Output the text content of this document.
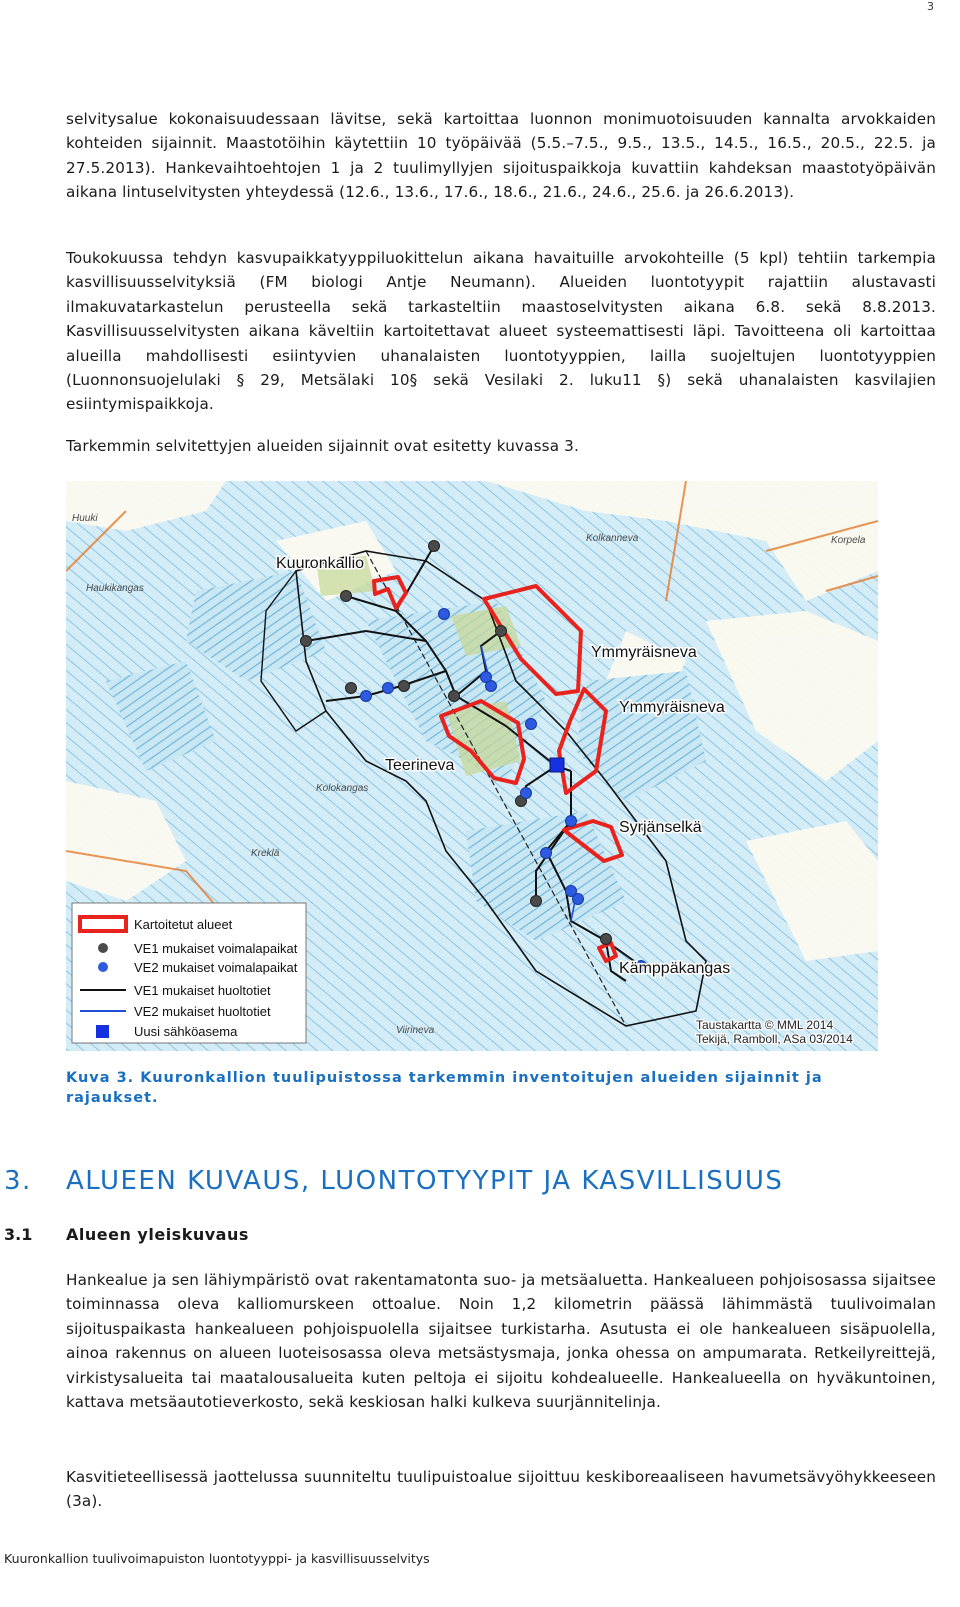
3

selvitysalue kokonaisuudessaan lävitse, sekä kartoittaa luonnon monimuotoisuuden kannalta arvokkaiden kohteiden sijainnit. Maastotöihin käytettiin 10 työpäivää (5.5.–7.5., 9.5., 13.5., 14.5., 16.5., 20.5., 22.5. ja 27.5.2013). Hankevaihtoehtojen 1 ja 2 tuulimyllyjen sijoituspaikkoja kuvattiin kahdeksan maastotyöpäivän aikana lintuselvitysten yhteydessä (12.6., 13.6., 17.6., 18.6., 21.6., 24.6., 25.6. ja 26.6.2013).

Toukokuussa tehdyn kasvupaikkatyyppiluokittelun aikana havaituille arvokohteille (5 kpl) tehtiin tarkempia kasvillisuusselvityksiä (FM biologi Antje Neumann). Alueiden luontotyypit rajattiin alustavasti ilmakuvatarkastelun perusteella sekä tarkasteltiin maastoselvitysten aikana 6.8. sekä 8.8.2013. Kasvillisuusselvitysten aikana käveltiin kartoitettavat alueet systeemattisesti läpi. Tavoitteena oli kartoittaa alueilla mahdollisesti esiintyvien uhanalaisten luontotyyppien, lailla suojeltujen luontotyyppien (Luonnonsuojelulaki § 29, Metsälaki 10§ sekä Vesilaki 2. luku11 §) sekä uhanalaisten kasvilajien esiintymispaikkoja.

Tarkemmin selvitettyjen alueiden sijainnit ovat esitetty kuvassa 3.

Kuuronkallio
Ymmyräisneva
Ymmyräisneva
Teerineva
Syrjänselkä
Kämppäkangas
Korpela
Kolkanneva
Huuki
Kreklä
Viirineva
Haukikangas
Kolokangas
Kartoitetut alueet
VE1 mukaiset voimalapaikat
VE2 mukaiset voimalapaikat
VE1 mukaiset huoltotiet
VE2 mukaiset huoltotiet
Uusi sähköasema	Taustakartta © MML 2014
Tekijä, Ramboll, ASa 03/2014

Kuva 3. Kuuronkallion tuulipuistossa tarkemmin inventoitujen alueiden sijainnit ja rajaukset.

3. ALUEEN KUVAUS, LUONTOTYYPIT JA KASVILLISUUS
3.1 Alueen yleiskuvaus

Hankealue ja sen lähiympäristö ovat rakentamatonta suo- ja metsäaluetta. Hankealueen pohjoisosassa sijaitsee toiminnassa oleva kalliomurskeen ottoalue. Noin 1,2 kilometrin päässä lähimmästä tuulivoimalan sijoituspaikasta hankealueen pohjoispuolella sijaitsee turkistarha. Asutusta ei ole hankealueen sisäpuolella, ainoa rakennus on alueen luoteisosassa oleva metsästysmaja, jonka ohessa on ampumarata. Retkeilyreittejä, virkistysalueita tai maatalousalueita kuten peltoja ei sijoitu kohdealueelle. Hankealueella on hyväkuntoinen, kattava metsäautotieverkosto, sekä keskiosan halki kulkeva suurjännitelinja.

Kasvitieteellisessä jaottelussa suunniteltu tuulipuistoalue sijoittuu keskiboreaaliseen havumetsävyöhykkeeseen (3a).

Kuuronkallion tuulivoimapuiston luontotyyppi- ja kasvillisuusselvitys
